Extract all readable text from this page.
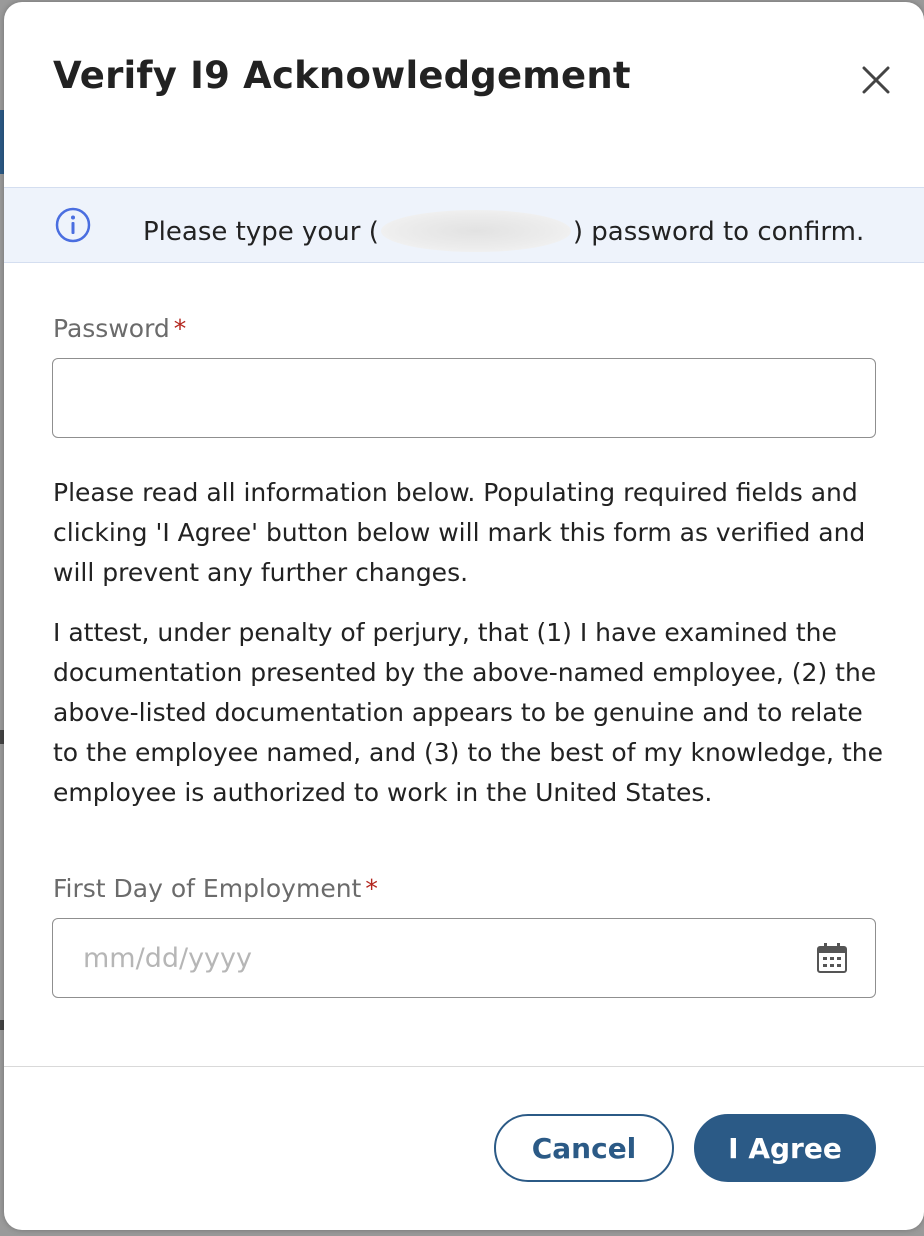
Verify I9 Acknowledgement
Please type your (	) password to confirm.
Password *

Please read all information below. Populating required fields and clicking 'I Agree' button below will mark this form as verified and will prevent any further changes.

I attest, under penalty of perjury, that (1) I have examined the documentation presented by the above-named employee, (2) the above-listed documentation appears to be genuine and to relate to the employee named, and (3) to the best of my knowledge, the employee is authorized to work in the United States.

First Day of Employment *
mm/dd/yyyy
Cancel	I Agree
